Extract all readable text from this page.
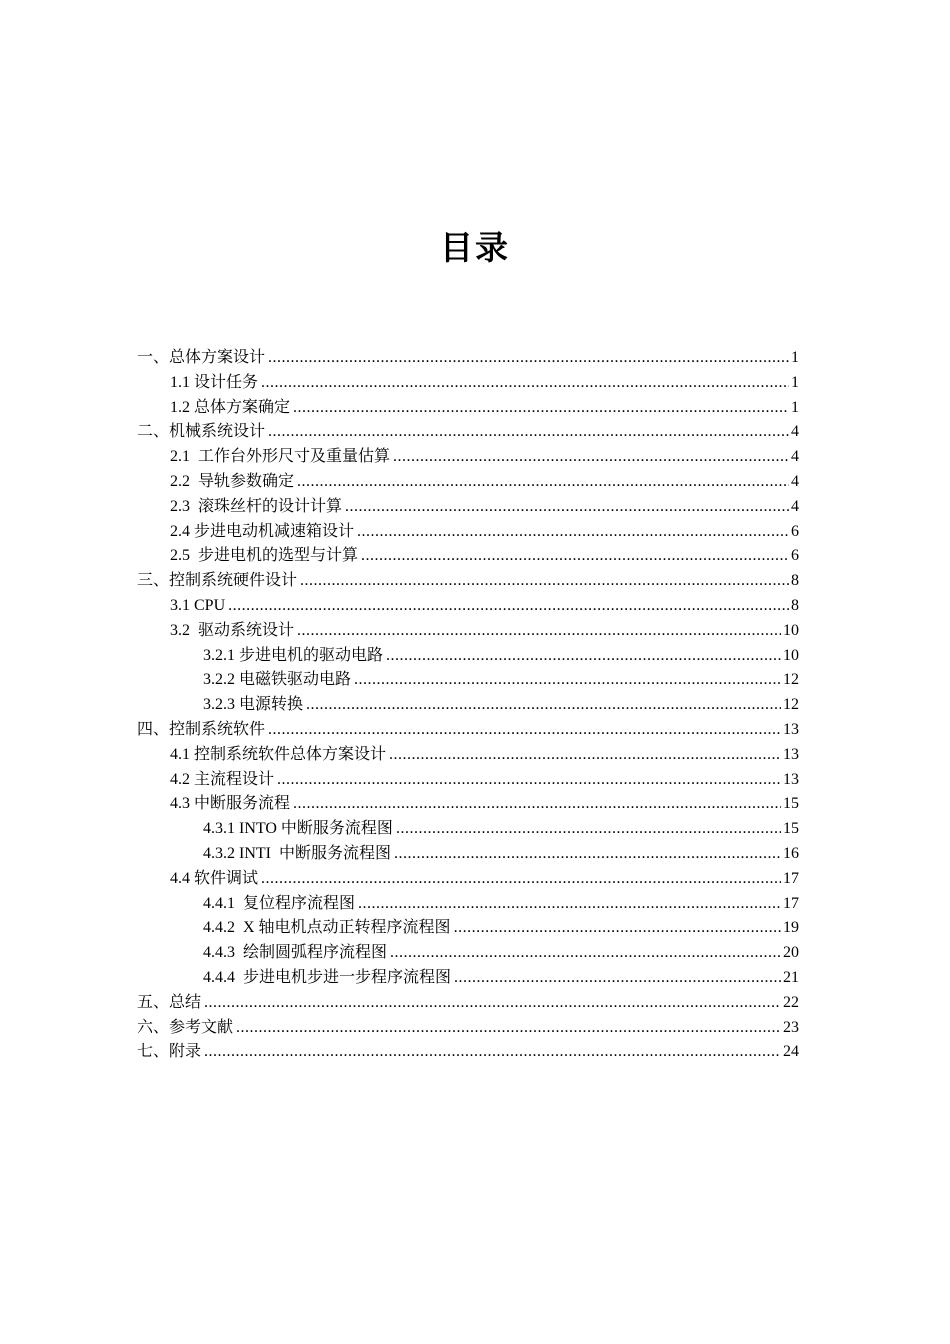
目录
一、总体方案设计 .....	1
1.1 设计任务 .....	1
1.2 总体方案确定 .....	1
二、机械系统设计 .....	4
2.1  工作台外形尺寸及重量估算 .....	4
2.2  导轨参数确定 .....	4
2.3  滚珠丝杆的设计计算 .....	4
2.4 步进电动机减速箱设计 .....	6
2.5  步进电机的选型与计算 .....	6
三、控制系统硬件设计 .....	8
3.1 CPU .....	8
3.2  驱动系统设计 .....	10
3.2.1 步进电机的驱动电路 .....	10
3.2.2 电磁铁驱动电路 .....	12
3.2.3 电源转换 .....	12
四、控制系统软件 .....	13
4.1 控制系统软件总体方案设计 .....	13
4.2 主流程设计 .....	13
4.3 中断服务流程 .....	15
4.3.1 INTO 中断服务流程图 .....	15
4.3.2 INTI  中断服务流程图 .....	16
4.4 软件调试 .....	17
4.4.1  复位程序流程图 .....	17
4.4.2  X 轴电机点动正转程序流程图 .....	19
4.4.3  绘制圆弧程序流程图 .....	20
4.4.4  步进电机步进一步程序流程图 .....	21
五、总结 .....	22
六、参考文献 .....	23
七、附录 .....	24
